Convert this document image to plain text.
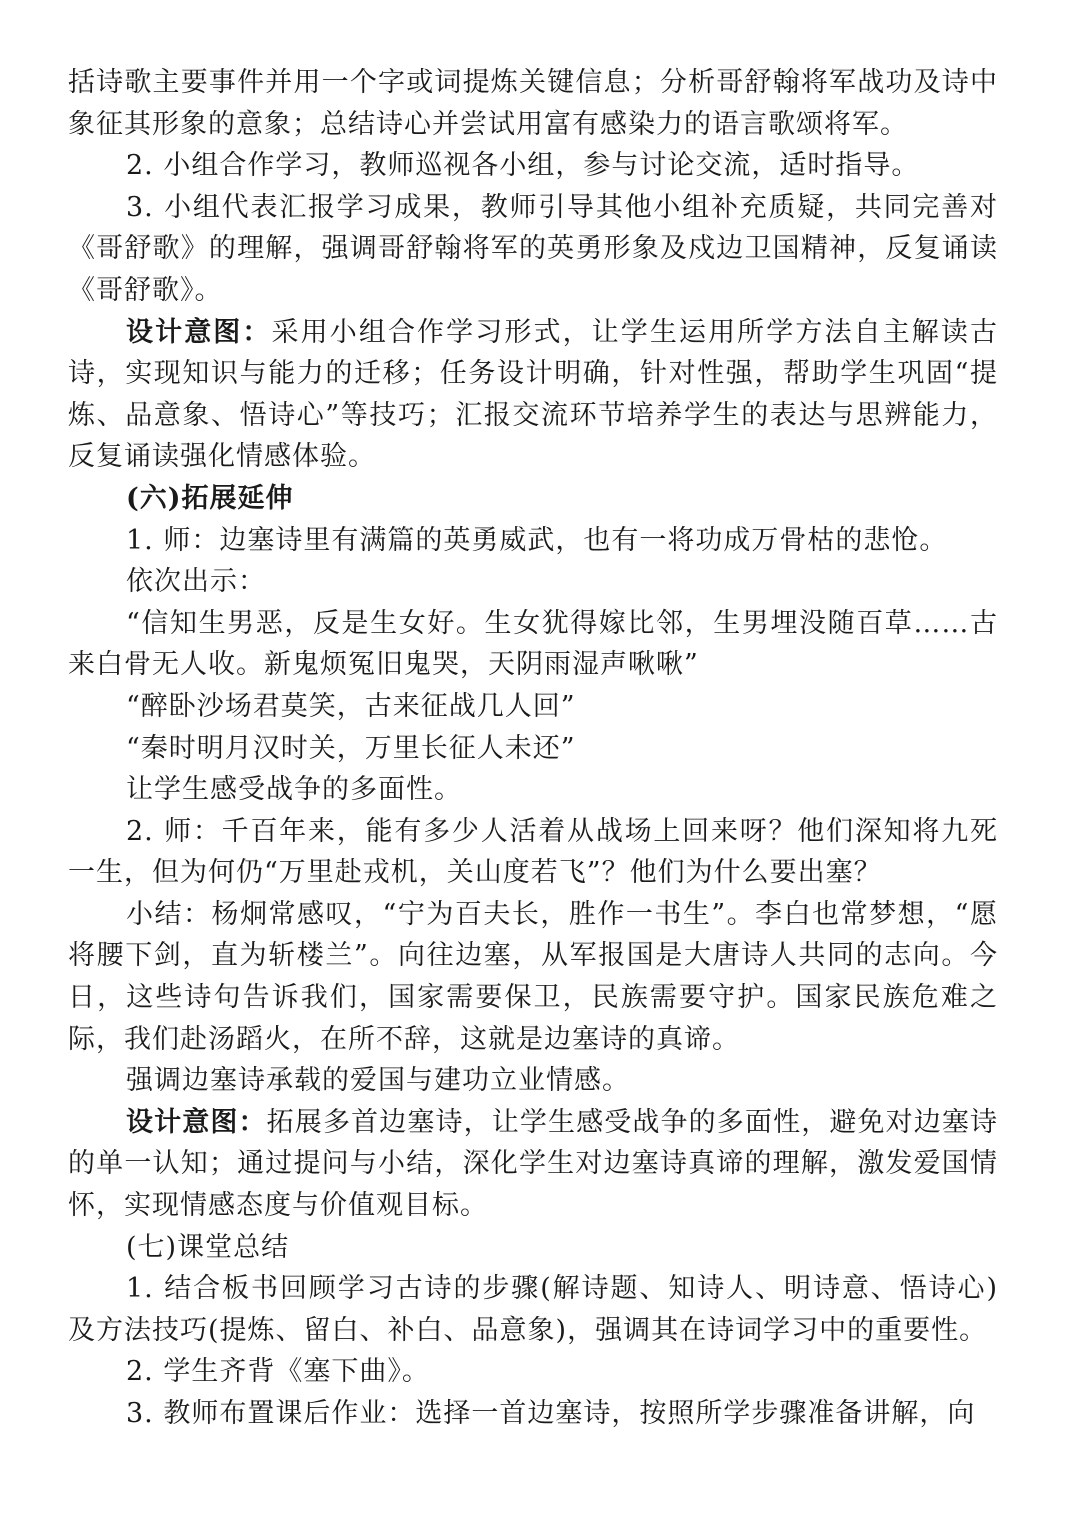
括诗歌主要事件并用一个字或词提炼关键信息；分析哥舒翰将军战功及诗中象征其形象的意象；总结诗心并尝试用富有感染力的语言歌颂将军。

2. 小组合作学习，教师巡视各小组，参与讨论交流，适时指导。

3. 小组代表汇报学习成果，教师引导其他小组补充质疑，共同完善对《哥舒歌》的理解，强调哥舒翰将军的英勇形象及戍边卫国精神，反复诵读《哥舒歌》。

设计意图：采用小组合作学习形式，让学生运用所学方法自主解读古诗，实现知识与能力的迁移；任务设计明确，针对性强，帮助学生巩固“提炼、品意象、悟诗心”等技巧；汇报交流环节培养学生的表达与思辨能力，反复诵读强化情感体验。

(六)拓展延伸

1. 师：边塞诗里有满篇的英勇威武，也有一将功成万骨枯的悲怆。

依次出示：

“信知生男恶，反是生女好。生女犹得嫁比邻，生男埋没随百草……古来白骨无人收。新鬼烦冤旧鬼哭，天阴雨湿声啾啾”

“醉卧沙场君莫笑，古来征战几人回”

“秦时明月汉时关，万里长征人未还”

让学生感受战争的多面性。

2. 师：千百年来，能有多少人活着从战场上回来呀？他们深知将九死一生，但为何仍“万里赴戎机，关山度若飞”？他们为什么要出塞？

小结：杨炯常感叹，“宁为百夫长，胜作一书生”。李白也常梦想，“愿将腰下剑，直为斩楼兰”。向往边塞，从军报国是大唐诗人共同的志向。今日，这些诗句告诉我们，国家需要保卫，民族需要守护。国家民族危难之际，我们赴汤蹈火，在所不辞，这就是边塞诗的真谛。

强调边塞诗承载的爱国与建功立业情感。

设计意图：拓展多首边塞诗，让学生感受战争的多面性，避免对边塞诗的单一认知；通过提问与小结，深化学生对边塞诗真谛的理解，激发爱国情怀，实现情感态度与价值观目标。

(七)课堂总结

1. 结合板书回顾学习古诗的步骤(解诗题、知诗人、明诗意、悟诗心)及方法技巧(提炼、留白、补白、品意象)，强调其在诗词学习中的重要性。

2. 学生齐背《塞下曲》。

3. 教师布置课后作业：选择一首边塞诗，按照所学步骤准备讲解，向
